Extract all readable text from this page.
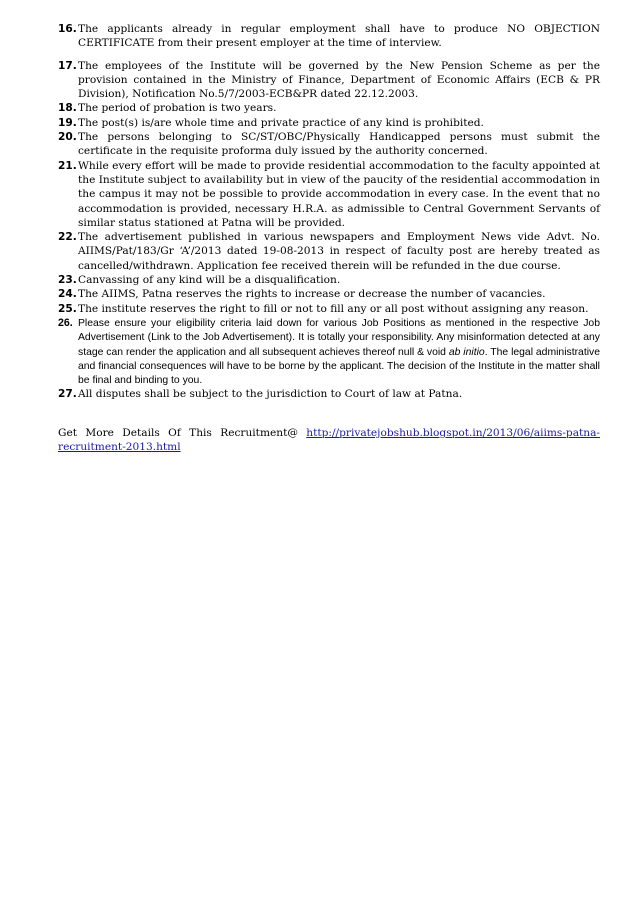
16. The applicants already in regular employment shall have to produce NO OBJECTION CERTIFICATE from their present employer at the time of interview.
17. The employees of the Institute will be governed by the New Pension Scheme as per the provision contained in the Ministry of Finance, Department of Economic Affairs (ECB & PR Division), Notification No.5/7/2003-ECB&PR dated 22.12.2003.
18. The period of probation is two years.
19. The post(s) is/are whole time and private practice of any kind is prohibited.
20. The persons belonging to SC/ST/OBC/Physically Handicapped persons must submit the certificate in the requisite proforma duly issued by the authority concerned.
21. While every effort will be made to provide residential accommodation to the faculty appointed at the Institute subject to availability but in view of the paucity of the residential accommodation in the campus it may not be possible to provide accommodation in every case. In the event that no accommodation is provided, necessary H.R.A. as admissible to Central Government Servants of similar status stationed at Patna will be provided.
22. The advertisement published in various newspapers and Employment News vide Advt. No. AIIMS/Pat/183/Gr ‘A’/2013 dated 19-08-2013 in respect of faculty post are hereby treated as cancelled/withdrawn. Application fee received therein will be refunded in the due course.
23. Canvassing of any kind will be a disqualification.
24. The AIIMS, Patna reserves the rights to increase or decrease the number of vacancies.
25. The institute reserves the right to fill or not to fill any or all post without assigning any reason.
26. Please ensure your eligibility criteria laid down for various Job Positions as mentioned in the respective Job Advertisement (Link to the Job Advertisement). It is totally your responsibility. Any misinformation detected at any stage can render the application and all subsequent achieves thereof null & void ab initio. The legal administrative and financial consequences will have to be borne by the applicant. The decision of the Institute in the matter shall be final and binding to you.
27. All disputes shall be subject to the jurisdiction to Court of law at Patna.
Get More Details Of This Recruitment@ http://privatejobshub.blogspot.in/2013/06/aiims-patna-recruitment-2013.html
